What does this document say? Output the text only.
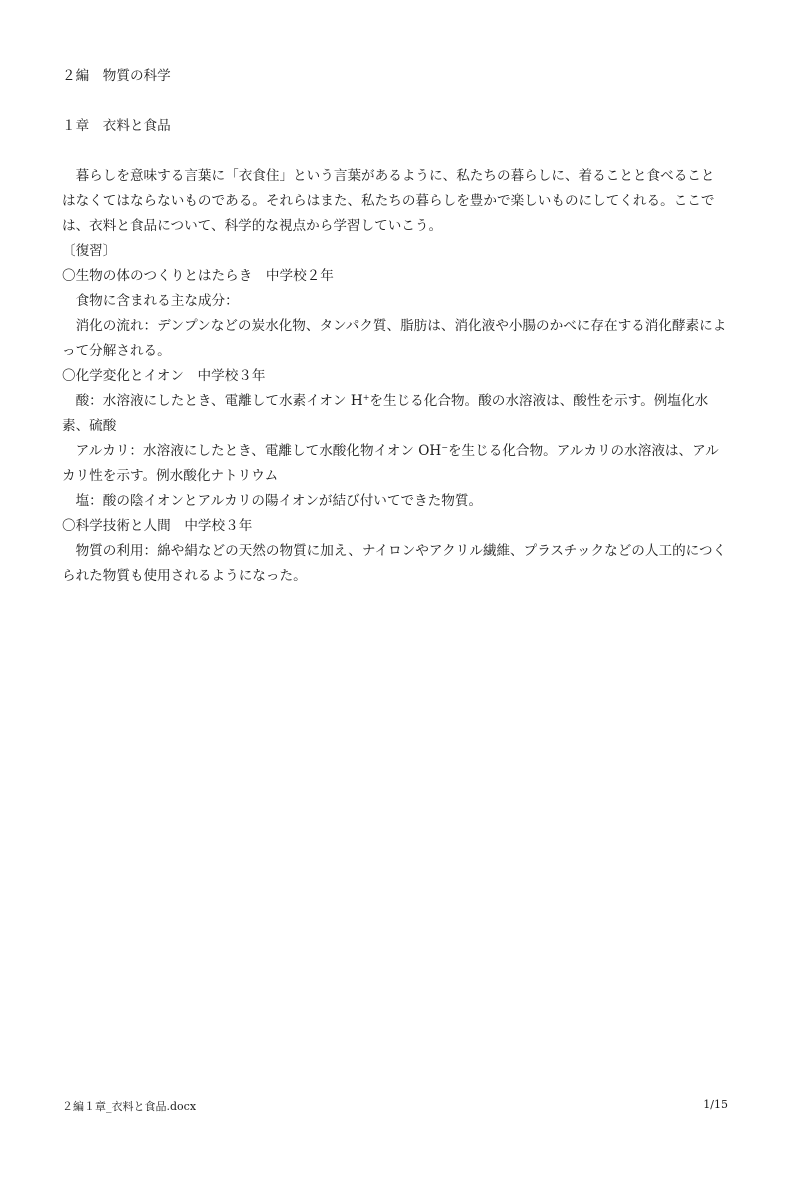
２編　物質の科学

１章　衣料と食品

暮らしを意味する言葉に「衣食住」という言葉があるように、私たちの暮らしに、着ることと食べることはなくてはならないものである。それらはまた、私たちの暮らしを豊かで楽しいものにしてくれる。ここでは、衣料と食品について、科学的な視点から学習していこう。

〔復習〕

〇生物の体のつくりとはたらき　中学校２年

食物に含まれる主な成分：

消化の流れ：デンプンなどの炭水化物、タンパク質、脂肪は、消化液や小腸のかべに存在する消化酵素によって分解される。

〇化学変化とイオン　中学校３年

酸：水溶液にしたとき、電離して水素イオン H+を生じる化合物。酸の水溶液は、酸性を示す。例塩化水素、硫酸

アルカリ：水溶液にしたとき、電離して水酸化物イオン OH−を生じる化合物。アルカリの水溶液は、アルカリ性を示す。例水酸化ナトリウム

塩：酸の陰イオンとアルカリの陽イオンが結び付いてできた物質。

〇科学技術と人間　中学校３年

物質の利用：綿や絹などの天然の物質に加え、ナイロンやアクリル繊維、プラスチックなどの人工的につくられた物質も使用されるようになった。

２編１章_衣料と食品.docx	1/15
